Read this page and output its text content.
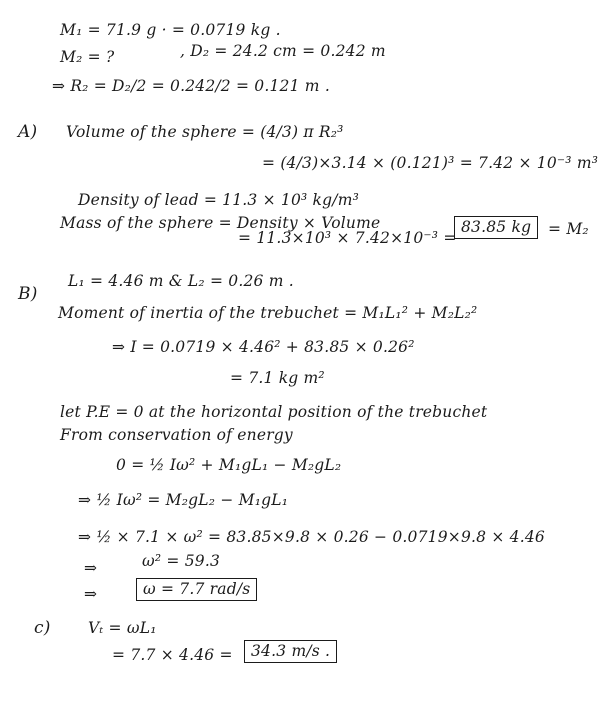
M₁ = 71.9 g · = 0.0719 kg .
M₂ = ?	, D₂ = 24.2 cm = 0.242 m
⇒ R₂ = D₂/2 = 0.242/2 = 0.121 m .
A) Volume of the sphere = (4/3) π R₂³
= (4/3)×3.14 × (0.121)³ = 7.42 × 10⁻³ m³
Density of lead = 11.3 × 10³ kg/m³
Mass of the sphere = Density × Volume
= 11.3×10³ × 7.42×10⁻³ =
83.85 kg	= M₂
B)
L₁ = 4.46 m & L₂ = 0.26 m .
Moment of inertia of the trebuchet = M₁L₁² + M₂L₂²
⇒ I = 0.0719 × 4.46² + 83.85 × 0.26²
= 7.1 kg m²
let P.E = 0 at the horizontal position of the trebuchet
From conservation of energy
0 = ½ Iω² + M₁gL₁ − M₂gL₂
⇒ ½ Iω² = M₂gL₂ − M₁gL₁
⇒ ½ × 7.1 × ω² = 83.85×9.8 × 0.26 − 0.0719×9.8 × 4.46
⇒	ω² = 59.3
⇒	ω = 7.7 rad/s
c) Vₜ = ωL₁
= 7.7 × 4.46 =	34.3 m/s .
